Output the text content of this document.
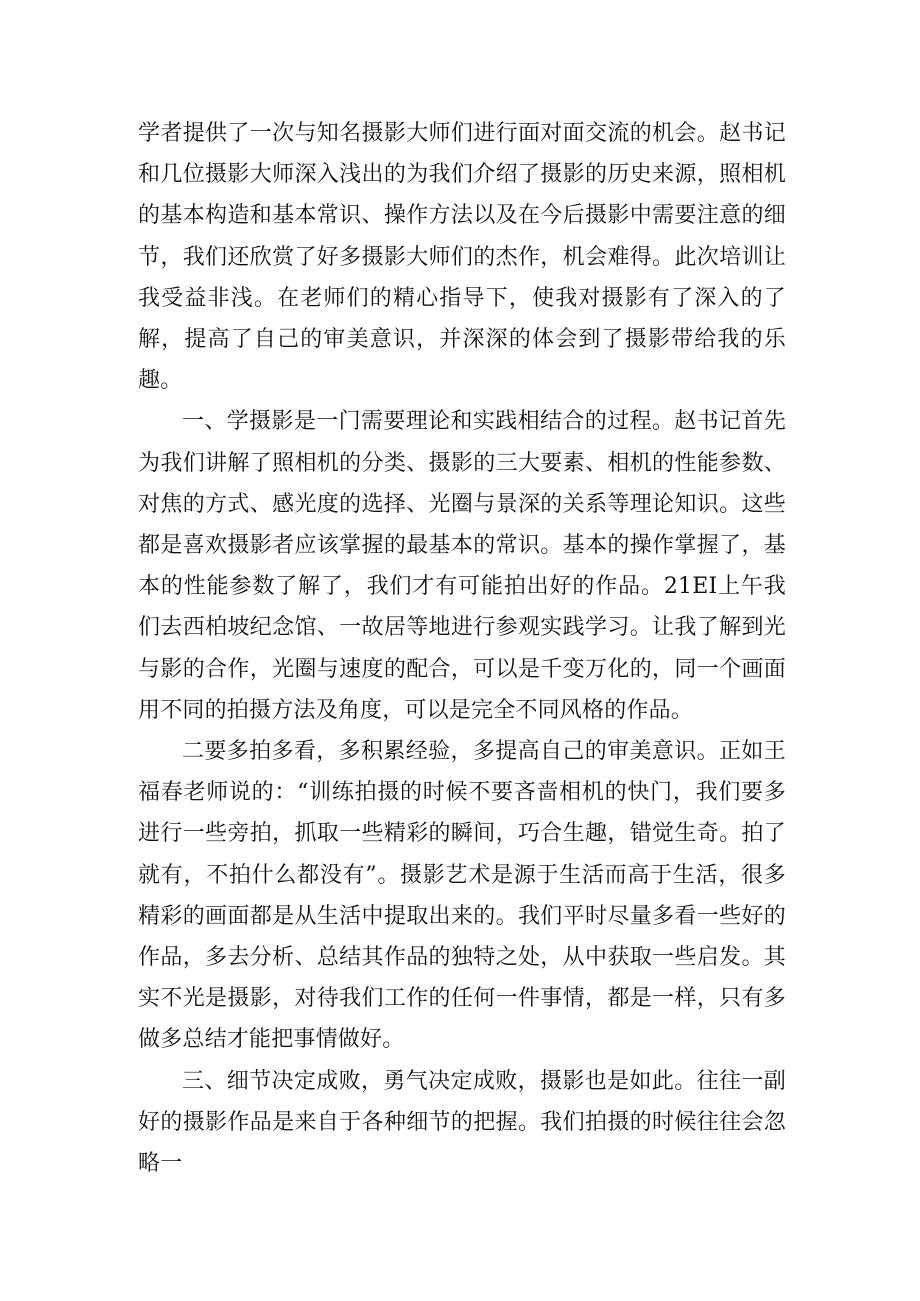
学者提供了一次与知名摄影大师们进行面对面交流的机会。赵书记和几位摄影大师深入浅出的为我们介绍了摄影的历史来源，照相机的基本构造和基本常识、操作方法以及在今后摄影中需要注意的细节，我们还欣赏了好多摄影大师们的杰作，机会难得。此次培训让我受益非浅。在老师们的精心指导下，使我对摄影有了深入的了解，提高了自己的审美意识，并深深的体会到了摄影带给我的乐趣。

一、学摄影是一门需要理论和实践相结合的过程。赵书记首先为我们讲解了照相机的分类、摄影的三大要素、相机的性能参数、对焦的方式、感光度的选择、光圈与景深的关系等理论知识。这些都是喜欢摄影者应该掌握的最基本的常识。基本的操作掌握了，基本的性能参数了解了，我们才有可能拍出好的作品。21EI上午我们去西柏坡纪念馆、一故居等地进行参观实践学习。让我了解到光与影的合作，光圈与速度的配合，可以是千变万化的，同一个画面用不同的拍摄方法及角度，可以是完全不同风格的作品。

二要多拍多看，多积累经验，多提高自己的审美意识。正如王福春老师说的：“训练拍摄的时候不要吝啬相机的快门，我们要多进行一些旁拍，抓取一些精彩的瞬间，巧合生趣，错觉生奇。拍了就有，不拍什么都没有”。摄影艺术是源于生活而高于生活，很多精彩的画面都是从生活中提取出来的。我们平时尽量多看一些好的作品，多去分析、总结其作品的独特之处，从中获取一些启发。其实不光是摄影，对待我们工作的任何一件事情，都是一样，只有多做多总结才能把事情做好。

三、细节决定成败，勇气决定成败，摄影也是如此。往往一副好的摄影作品是来自于各种细节的把握。我们拍摄的时候往往会忽略一
